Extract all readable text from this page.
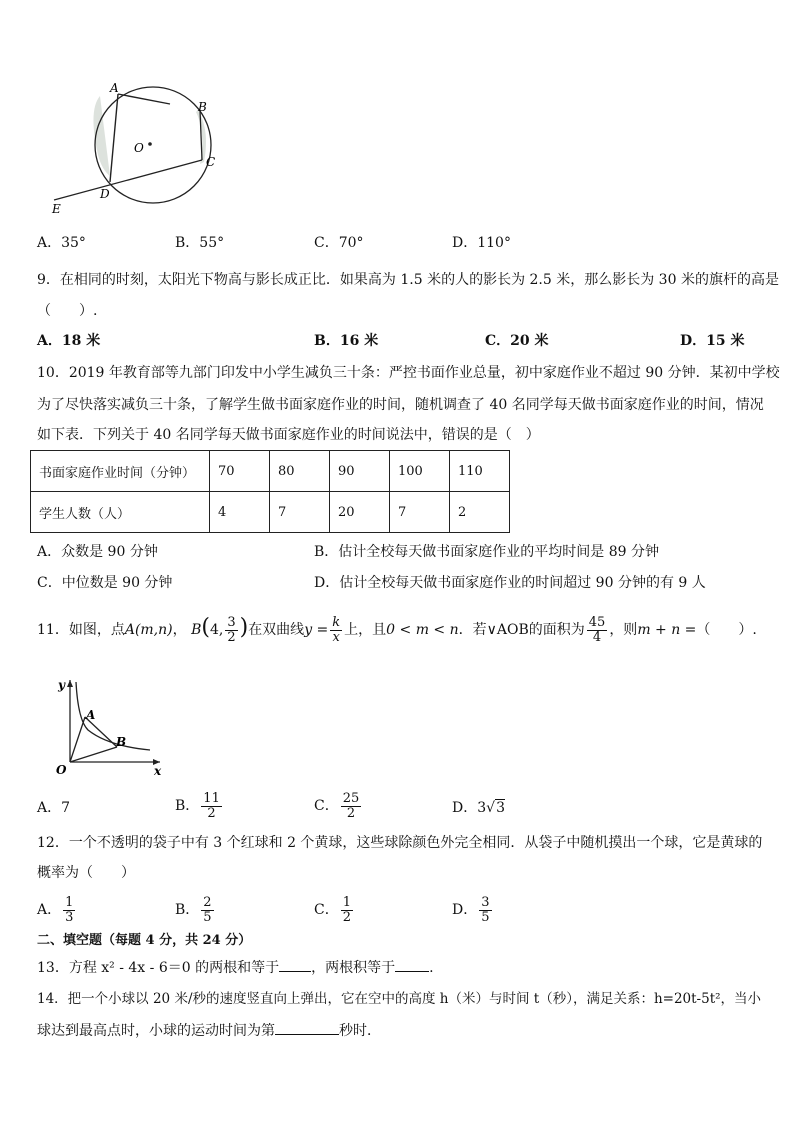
A
B
O
C
D
E
A．35°	B．55°	C．70°	D．110°
9．在相同的时刻，太阳光下物高与影长成正比．如果高为 1.5 米的人的影长为 2.5 米，那么影长为 30 米的旗杆的高是
（　　）.
A．18 米	B．16 米	C．20 米	D．15 米
10．2019 年教育部等九部门印发中小学生减负三十条：严控书面作业总量，初中家庭作业不超过 90 分钟．某初中学校
为了尽快落实减负三十条，了解学生做书面家庭作业的时间，随机调查了 40 名同学每天做书面家庭作业的时间，情况
如下表．下列关于 40 名同学每天做书面家庭作业的时间说法中，错误的是（　）
书面家庭作业时间（分钟）	70	80	90	100	110
学生人数（人）	4	7	20	7	2
A．众数是 90 分钟	B．估计全校每天做书面家庭作业的平均时间是 89 分钟
C．中位数是 90 分钟	D．估计全校每天做书面家庭作业的时间超过 90 分钟的有 9 人
11．如图，点A(m,n)， B(4, $\frac{3}{2}$ )在双曲线$y = \frac{k}{x}$ 上，且0 < m < n．若∨AOB的面积为 $\frac{45}{4}$ ，则m + n =（　　）.
y
A
B
O	x
A．7	B． $\frac{11}{2}$	C． $\frac{25}{2}$	D．3√3
12．一个不透明的袋子中有 3 个红球和 2 个黄球，这些球除颜色外完全相同．从袋子中随机摸出一个球，它是黄球的
概率为（　　）
A． $\frac{1}{3}$	B． $\frac{2}{5}$	C． $\frac{1}{2}$	D． $\frac{3}{5}$
二、填空题（每题 4 分，共 24 分）
13．方程 x² - 4x - 6＝0 的两根和等于 ，两根积等于 .
14．把一个小球以 20 米/秒的速度竖直向上弹出，它在空中的高度 h（米）与时间 t（秒），满足关系：h=20t-5t²，当小
球达到最高点时，小球的运动时间为第	秒时．
